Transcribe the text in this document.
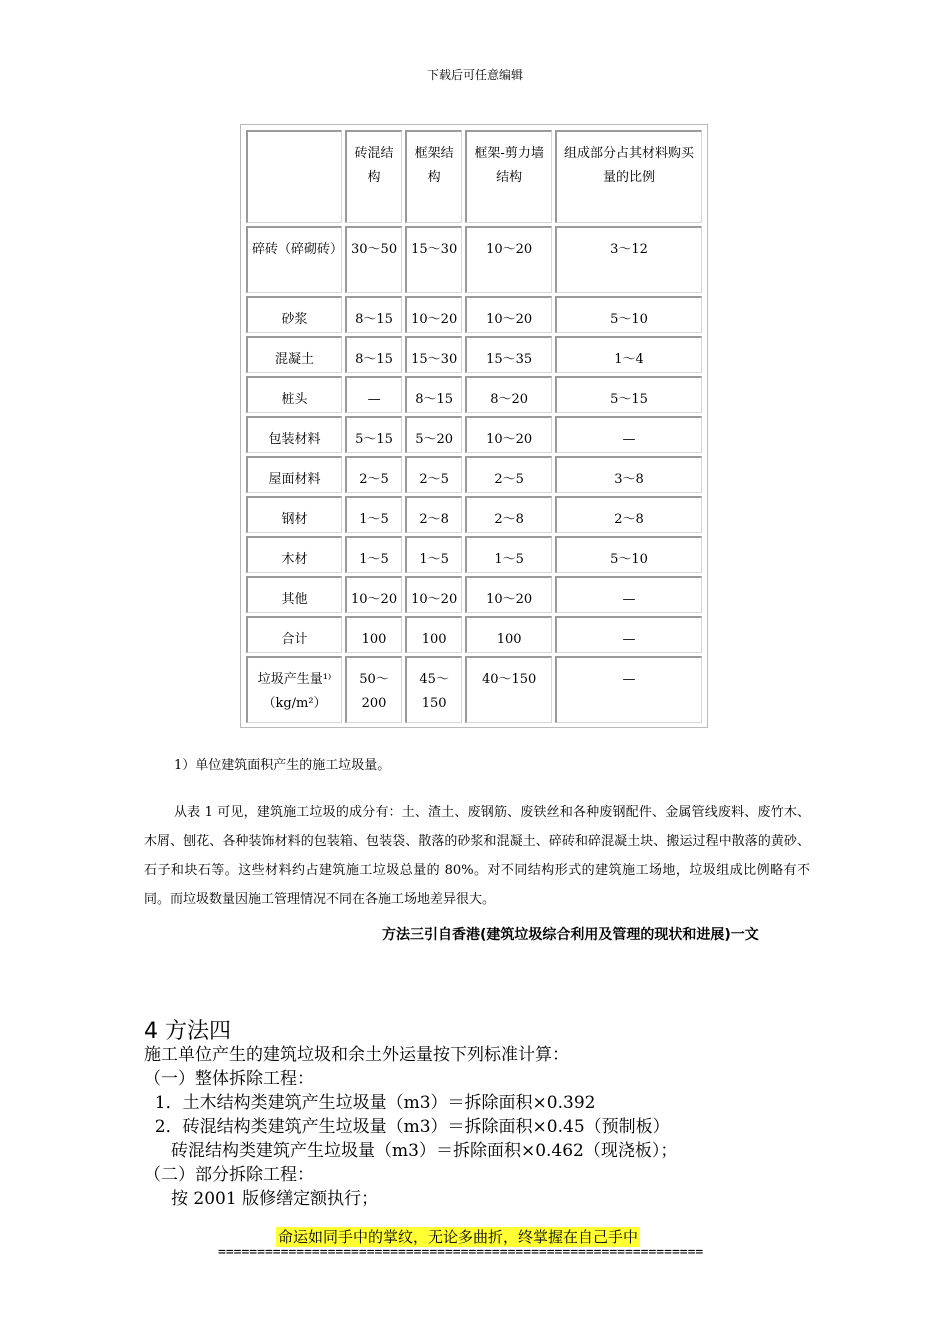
下载后可任意编辑
	砖混结构	框架结构	框架-剪力墙结构	组成部分占其材料购买量的比例
碎砖（碎砌砖）	30～50	15～30	10～20	3～12
砂浆	8～15	10～20	10～20	5～10
混凝土	8～15	15～30	15～35	1～4
桩头	—	8～15	8～20	5～15
包装材料	5～15	5～20	10～20	—
屋面材料	2～5	2～5	2～5	3～8
钢材	1～5	2～8	2～8	2～8
木材	1～5	1～5	1～5	5～10
其他	10～20	10～20	10～20	—
合计	100	100	100	—
垃圾产生量¹⁾（kg/m²）	50～200	45～150	40～150	—
1）单位建筑面积产生的施工垃圾量。
从表 1 可见，建筑施工垃圾的成分有：土、渣土、废钢筋、废铁丝和各种废钢配件、金属管线废料、废竹木、木屑、刨花、各种装饰材料的包装箱、包装袋、散落的砂浆和混凝土、碎砖和碎混凝土块、搬运过程中散落的黄砂、石子和块石等。这些材料约占建筑施工垃圾总量的 80%。对不同结构形式的建筑施工场地，垃圾组成比例略有不同。而垃圾数量因施工管理情况不同在各施工场地差异很大。
方法三引自香港(建筑垃圾综合利用及管理的现状和进展)一文
4 方法四
施工单位产生的建筑垃圾和余土外运量按下列标准计算：
（一）整体拆除工程：
1．土木结构类建筑产生垃圾量（m3）＝拆除面积×0.392
2．砖混结构类建筑产生垃圾量（m3）＝拆除面积×0.45（预制板）
砖混结构类建筑产生垃圾量（m3）＝拆除面积×0.462（现浇板）；
（二）部分拆除工程：
按 2001 版修缮定额执行；
命运如同手中的掌纹，无论多曲折，终掌握在自己手中
==============================================================
